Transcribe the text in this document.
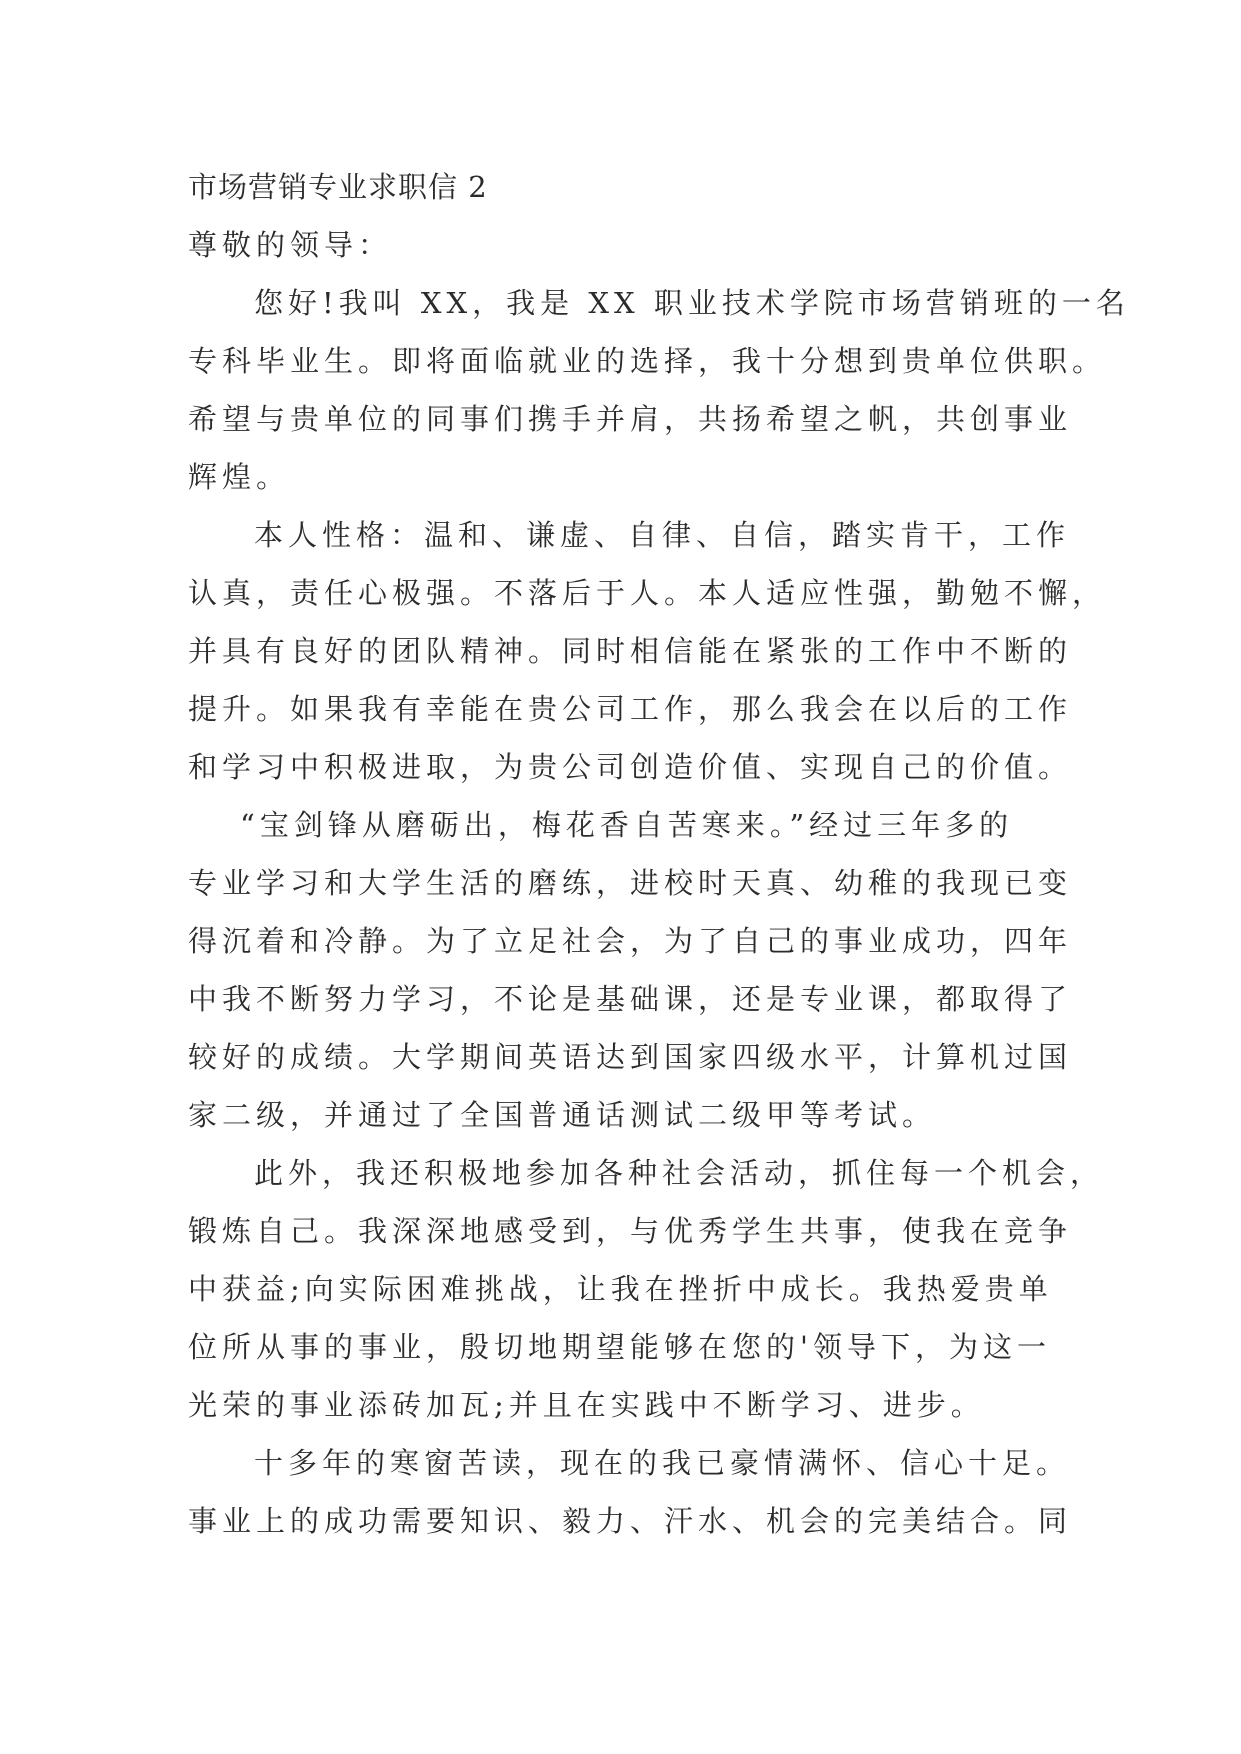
市场营销专业求职信 2
尊敬的领导：
您好!我叫 XX，我是 XX 职业技术学院市场营销班的一名
专科毕业生。即将面临就业的选择，我十分想到贵单位供职。
希望与贵单位的同事们携手并肩，共扬希望之帆，共创事业
辉煌。
本人性格：温和、谦虚、自律、自信，踏实肯干，工作
认真，责任心极强。不落后于人。本人适应性强，勤勉不懈，
并具有良好的团队精神。同时相信能在紧张的工作中不断的
提升。如果我有幸能在贵公司工作，那么我会在以后的工作
和学习中积极进取，为贵公司创造价值、实现自己的价值。
“宝剑锋从磨砺出，梅花香自苦寒来。”经过三年多的
专业学习和大学生活的磨练，进校时天真、幼稚的我现已变
得沉着和冷静。为了立足社会，为了自己的事业成功，四年
中我不断努力学习，不论是基础课，还是专业课，都取得了
较好的成绩。大学期间英语达到国家四级水平，计算机过国
家二级，并通过了全国普通话测试二级甲等考试。
此外，我还积极地参加各种社会活动，抓住每一个机会，
锻炼自己。我深深地感受到，与优秀学生共事，使我在竞争
中获益;向实际困难挑战，让我在挫折中成长。我热爱贵单
位所从事的事业，殷切地期望能够在您的'领导下，为这一
光荣的事业添砖加瓦;并且在实践中不断学习、进步。
十多年的寒窗苦读，现在的我已豪情满怀、信心十足。
事业上的成功需要知识、毅力、汗水、机会的完美结合。同
